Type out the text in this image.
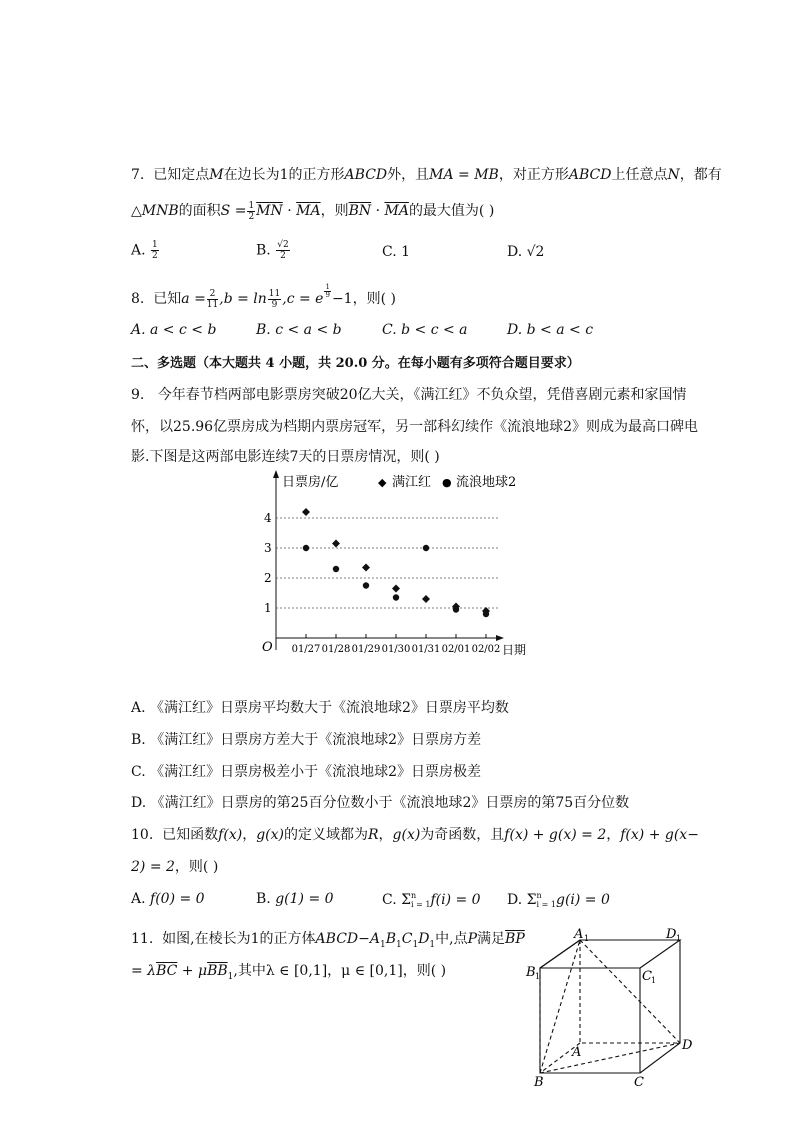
7. 已知定点M在边长为1的正方形ABCD外，且MA = MB，对正方形ABCD上任意点N，都有
△MNB的面积$S = \frac{1}{2} \overline{MN} \cdot \overline{MA}$，则$\overline{BN} \cdot \overline{MA}$的最大值为( )
A. $\frac{1}{2}$	B. $\frac{√2}{2}$	C. 1	D. √2
8. 已知$a = \frac{2}{11} ,b = \ln \frac{11}{9} ,c = e$ $^{\frac{1}{9}}$ −1，则( )
A. a < c < b	B. c < a < b	C. b < c < a	D. b < a < c
二、多选题（本大题共 4 小题，共 20.0 分。在每小题有多项符合题目要求）
9. 今年春节档两部电影票房突破20亿大关，《满江红》不负众望，凭借喜剧元素和家国情
怀，以25.96亿票房成为档期内票房冠军，另一部科幻续作《流浪地球2》则成为最高口碑电
影.下图是这两部电影连续7天的日票房情况，则( )
日票房/亿
日期
O
◆ 满江红 ● 流浪地球2
1
2
3
4
01/27 01/28 01/29 01/30 01/31 02/01 02/02
A. 《满江红》日票房平均数大于《流浪地球2》日票房平均数
B. 《满江红》日票房方差大于《流浪地球2》日票房方差
C. 《满江红》日票房极差小于《流浪地球2》日票房极差
D. 《满江红》日票房的第25百分位数小于《流浪地球2》日票房的第75百分位数
10. 已知函数f(x)，g(x)的定义域都为R，g(x)为奇函数，且f(x) + g(x) = 2，f(x) + g(x−
2) = 2，则( )
A. f(0) = 0	B. g(1) = 0	C. Σ n
i = 1 f(i) = 0 D. Σ n
i = 1 g(i) = 0
11. 如图,在棱长为1的正方体$ABCD-A_1B_1C_1D_1$中,点P满足$\overline{BP}$
= $\lambda\overline{BC} + \mu\overline{BB}_1$,其中λ ∈ [0,1]，μ ∈ [0,1]，则( )
A 1	D 1
B 1	C 1
A	D
B	C
